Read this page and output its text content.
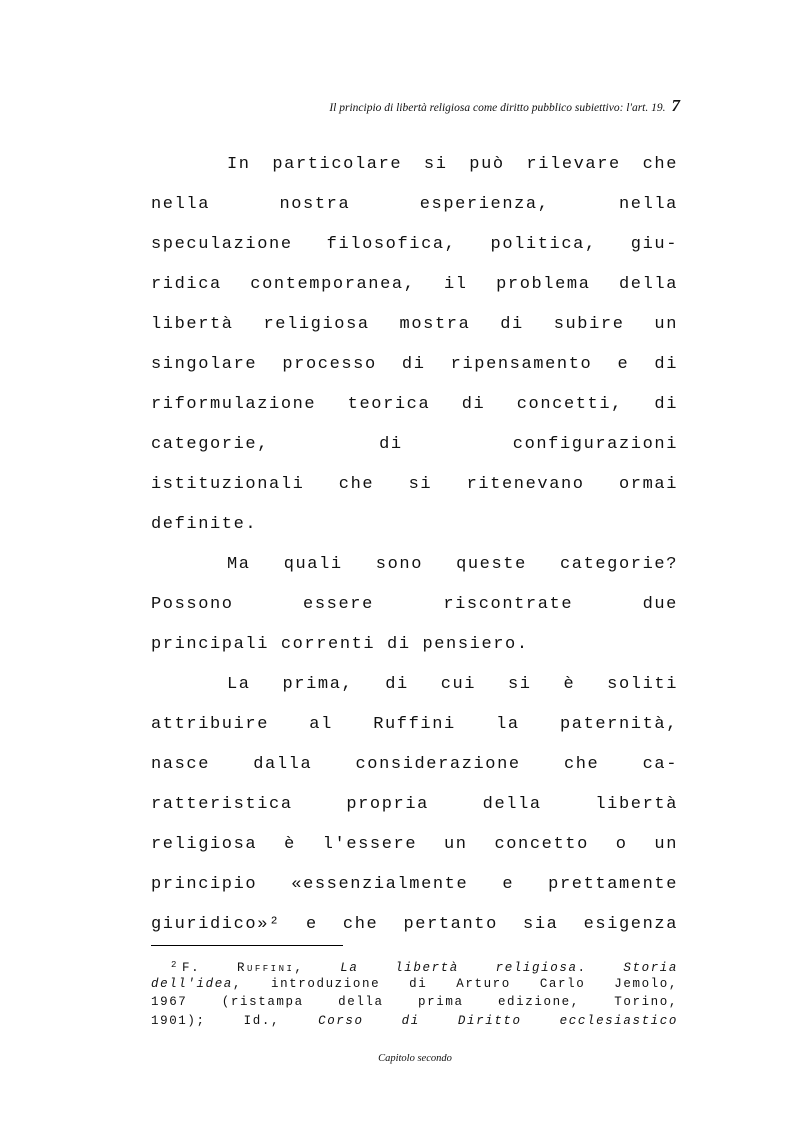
Il principio di libertà religiosa come diritto pubblico subiettivo: l'art. 19. 7
In particolare si può rilevare che
nella nostra esperienza, nella
speculazione filosofica, politica, giu-
ridica contemporanea, il problema della
libertà religiosa mostra di subire un
singolare processo di ripensamento e di
riformulazione teorica di concetti, di
categorie, di configurazioni
istituzionali che si ritenevano ormai
definite.
Ma quali sono queste categorie?
Possono essere riscontrate due
principali correnti di pensiero.
La prima, di cui si è soliti
attribuire al Ruffini la paternità,
nasce dalla considerazione che ca-
ratteristica propria della libertà
religiosa è l'essere un concetto o un
principio «essenzialmente e prettamente
giuridico»² e che pertanto sia esigenza
$^2$ F.	Ruffini, La libertà religiosa. Storia
dell'idea, introduzione di Arturo Carlo Jemolo,
1967 (ristampa della prima edizione, Torino,
1901); Id.,	Corso di Diritto ecclesiastico
Capitolo secondo
